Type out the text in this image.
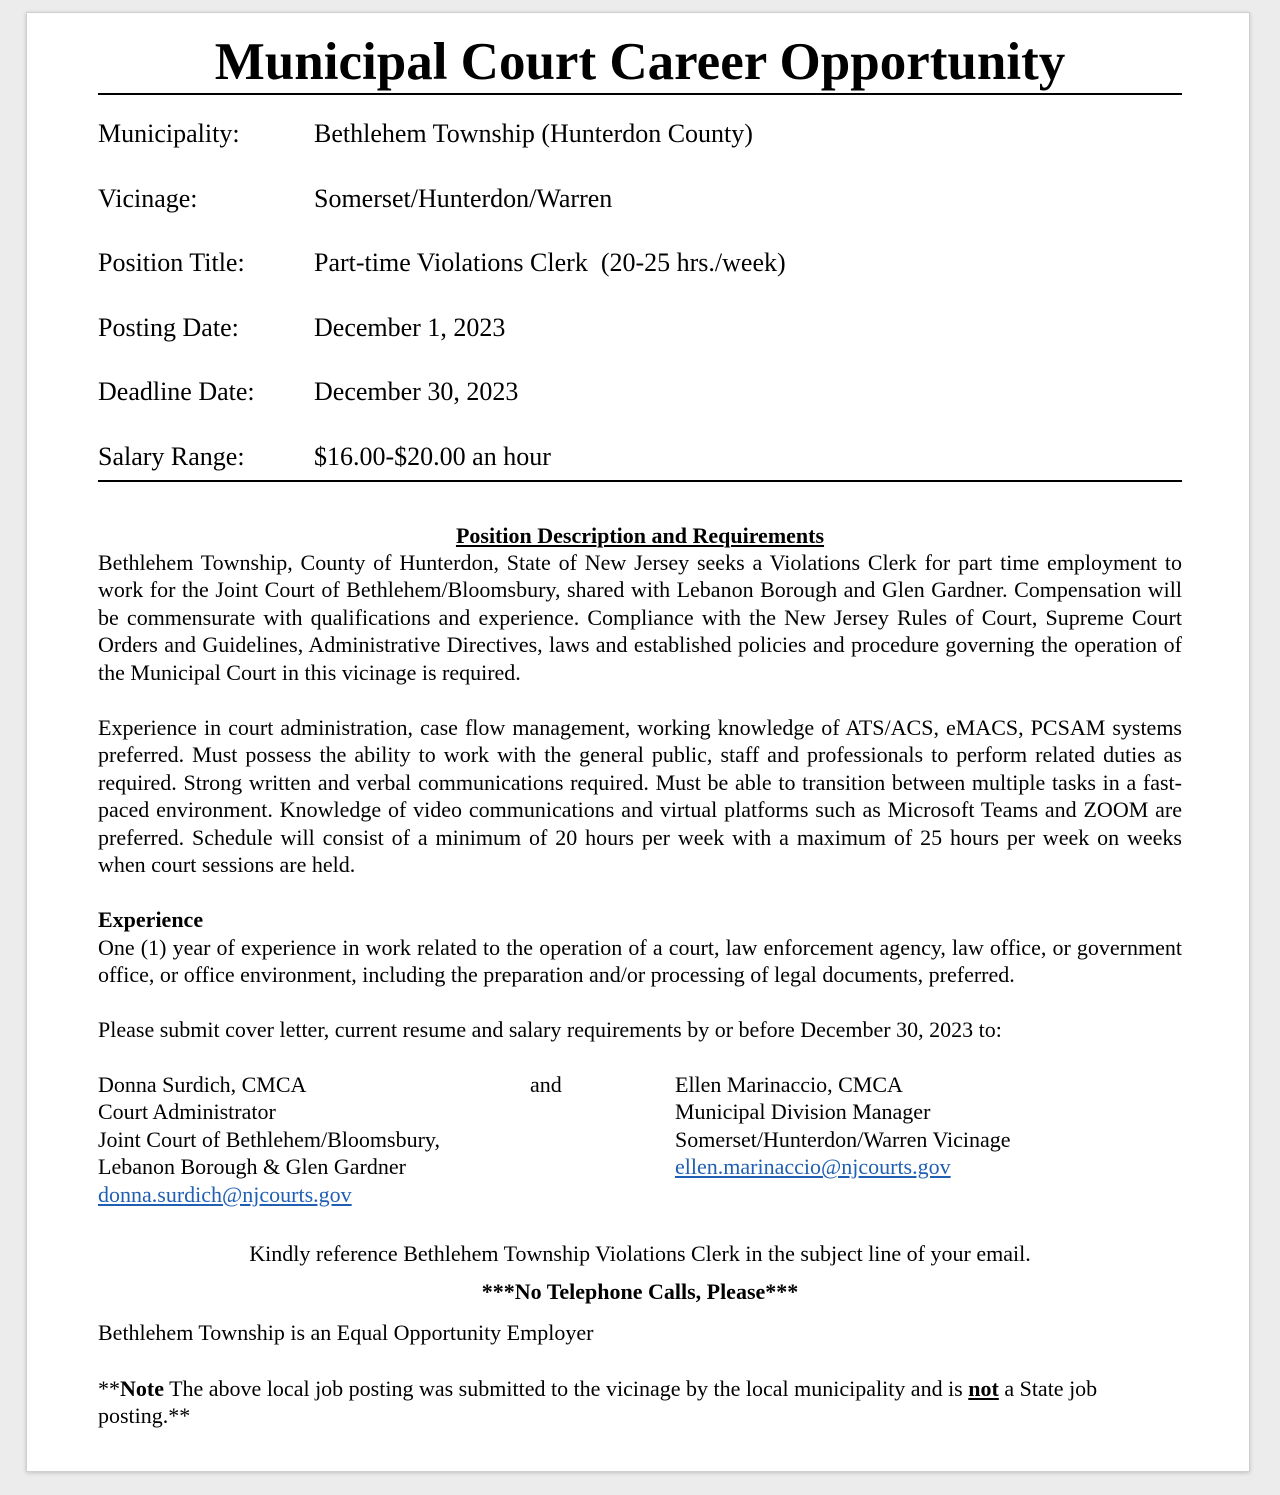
Municipal Court Career Opportunity
Municipality:	Bethlehem Township (Hunterdon County)
Vicinage:	Somerset/Hunterdon/Warren
Position Title:	Part-time Violations Clerk  (20-25 hrs./week)
Posting Date:	December 1, 2023
Deadline Date:	December 30, 2023
Salary Range:	$16.00-$20.00 an hour
Position Description and Requirements

Bethlehem Township, County of Hunterdon, State of New Jersey seeks a Violations Clerk for part time employment to work for the Joint Court of Bethlehem/Bloomsbury, shared with Lebanon Borough and Glen Gardner. Compensation will be commensurate with qualifications and experience. Compliance with the New Jersey Rules of Court, Supreme Court Orders and Guidelines, Administrative Directives, laws and established policies and procedure governing the operation of the Municipal Court in this vicinage is required.

Experience in court administration, case flow management, working knowledge of ATS/ACS, eMACS, PCSAM systems preferred. Must possess the ability to work with the general public, staff and professionals to perform related duties as required. Strong written and verbal communications required. Must be able to transition between multiple tasks in a fast-paced environment. Knowledge of video communications and virtual platforms such as Microsoft Teams and ZOOM are preferred. Schedule will consist of a minimum of 20 hours per week with a maximum of 25 hours per week on weeks when court sessions are held.

Experience

One (1) year of experience in work related to the operation of a court, law enforcement agency, law office, or government office, or office environment, including the preparation and/or processing of legal documents, preferred.

Please submit cover letter, current resume and salary requirements by or before December 30, 2023 to:

Donna Surdich, CMCA
Court Administrator
Joint Court of Bethlehem/Bloomsbury,
Lebanon Borough & Glen Gardner
donna.surdich@njcourts.gov
and	Ellen Marinaccio, CMCA
Municipal Division Manager
Somerset/Hunterdon/Warren Vicinage
ellen.marinaccio@njcourts.gov

Kindly reference Bethlehem Township Violations Clerk in the subject line of your email.

***No Telephone Calls, Please***

Bethlehem Township is an Equal Opportunity Employer

**Note The above local job posting was submitted to the vicinage by the local municipality and is not a State job posting.**
